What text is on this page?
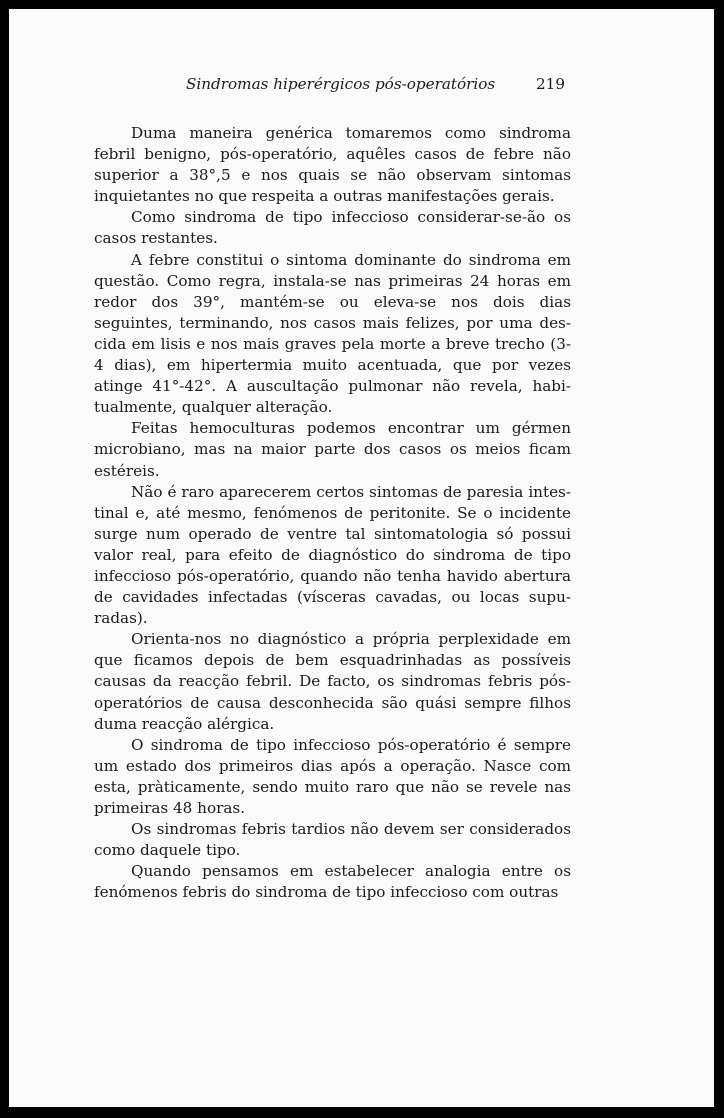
Sindromas hiperérgicos pós-operatórios	219

Duma maneira genérica tomaremos como sindroma febril benigno, pós-operatório, aquêles casos de febre não superior a 38°,5 e nos quais se não observam sintomas inquietantes no que respeita a outras manifestações gerais.

Como sindroma de tipo infeccioso considerar-se-ão os casos restantes.

A febre constitui o sintoma dominante do sindroma em questão. Como regra, instala-se nas primeiras 24 horas em redor dos 39°, mantém-se ou eleva-se nos dois dias seguintes, terminando, nos casos mais felizes, por uma descida em lisis e nos mais graves pela morte a breve trecho (3-4 dias), em hipertermia muito acentuada, que por vezes atinge 41°-42°. A auscultação pulmonar não revela, habitualmente, qualquer alteração.

Feitas hemoculturas podemos encontrar um gérmen microbiano, mas na maior parte dos casos os meios ficam estéreis.

Não é raro aparecerem certos sintomas de paresia intestinal e, até mesmo, fenómenos de peritonite. Se o incidente surge num operado de ventre tal sintomatologia só possui valor real, para efeito de diagnóstico do sindroma de tipo infeccioso pós-operatório, quando não tenha havido abertura de cavidades infectadas (vísceras cavadas, ou locas supuradas).

Orienta-nos no diagnóstico a própria perplexidade em que ficamos depois de bem esquadrinhadas as possíveis causas da reacção febril. De facto, os sindromas febris pós-operatórios de causa desconhecida são quási sempre filhos duma reacção alérgica.

O sindroma de tipo infeccioso pós-operatório é sempre um estado dos primeiros dias após a operação. Nasce com esta, pràticamente, sendo muito raro que não se revele nas primeiras 48 horas.

Os sindromas febris tardios não devem ser considerados como daquele tipo.

Quando pensamos em estabelecer analogia entre os fenómenos febris do sindroma de tipo infeccioso com outras
